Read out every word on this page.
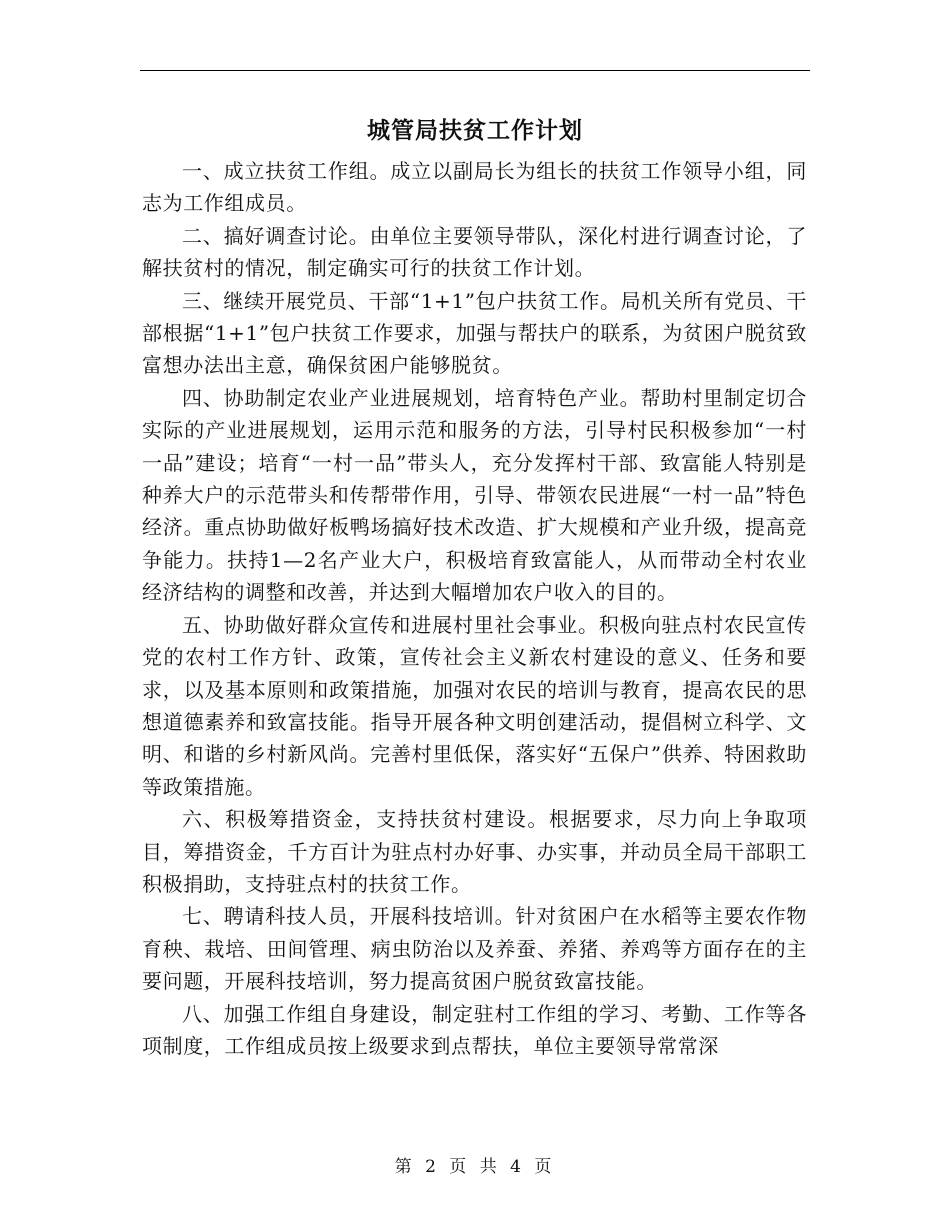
城管局扶贫工作计划

一、成立扶贫工作组。成立以副局长为组长的扶贫工作领导小组，同志为工作组成员。

二、搞好调查讨论。由单位主要领导带队，深化村进行调查讨论，了解扶贫村的情况，制定确实可行的扶贫工作计划。

三、继续开展党员、干部“1+1”包户扶贫工作。局机关所有党员、干部根据“1+1”包户扶贫工作要求，加强与帮扶户的联系，为贫困户脱贫致富想办法出主意，确保贫困户能够脱贫。

四、协助制定农业产业进展规划，培育特色产业。帮助村里制定切合实际的产业进展规划，运用示范和服务的方法，引导村民积极参加“一村一品”建设；培育“一村一品”带头人，充分发挥村干部、致富能人特别是种养大户的示范带头和传帮带作用，引导、带领农民进展“一村一品”特色经济。重点协助做好板鸭场搞好技术改造、扩大规模和产业升级，提高竞争能力。扶持1—2名产业大户，积极培育致富能人，从而带动全村农业经济结构的调整和改善，并达到大幅增加农户收入的目的。

五、协助做好群众宣传和进展村里社会事业。积极向驻点村农民宣传党的农村工作方针、政策，宣传社会主义新农村建设的意义、任务和要求，以及基本原则和政策措施，加强对农民的培训与教育，提高农民的思想道德素养和致富技能。指导开展各种文明创建活动，提倡树立科学、文明、和谐的乡村新风尚。完善村里低保，落实好“五保户”供养、特困救助等政策措施。

六、积极筹措资金，支持扶贫村建设。根据要求，尽力向上争取项目，筹措资金，千方百计为驻点村办好事、办实事，并动员全局干部职工积极捐助，支持驻点村的扶贫工作。

七、聘请科技人员，开展科技培训。针对贫困户在水稻等主要农作物育秧、栽培、田间管理、病虫防治以及养蚕、养猪、养鸡等方面存在的主要问题，开展科技培训，努力提高贫困户脱贫致富技能。

八、加强工作组自身建设，制定驻村工作组的学习、考勤、工作等各项制度，工作组成员按上级要求到点帮扶，单位主要领导常常深

第 2 页 共 4 页
